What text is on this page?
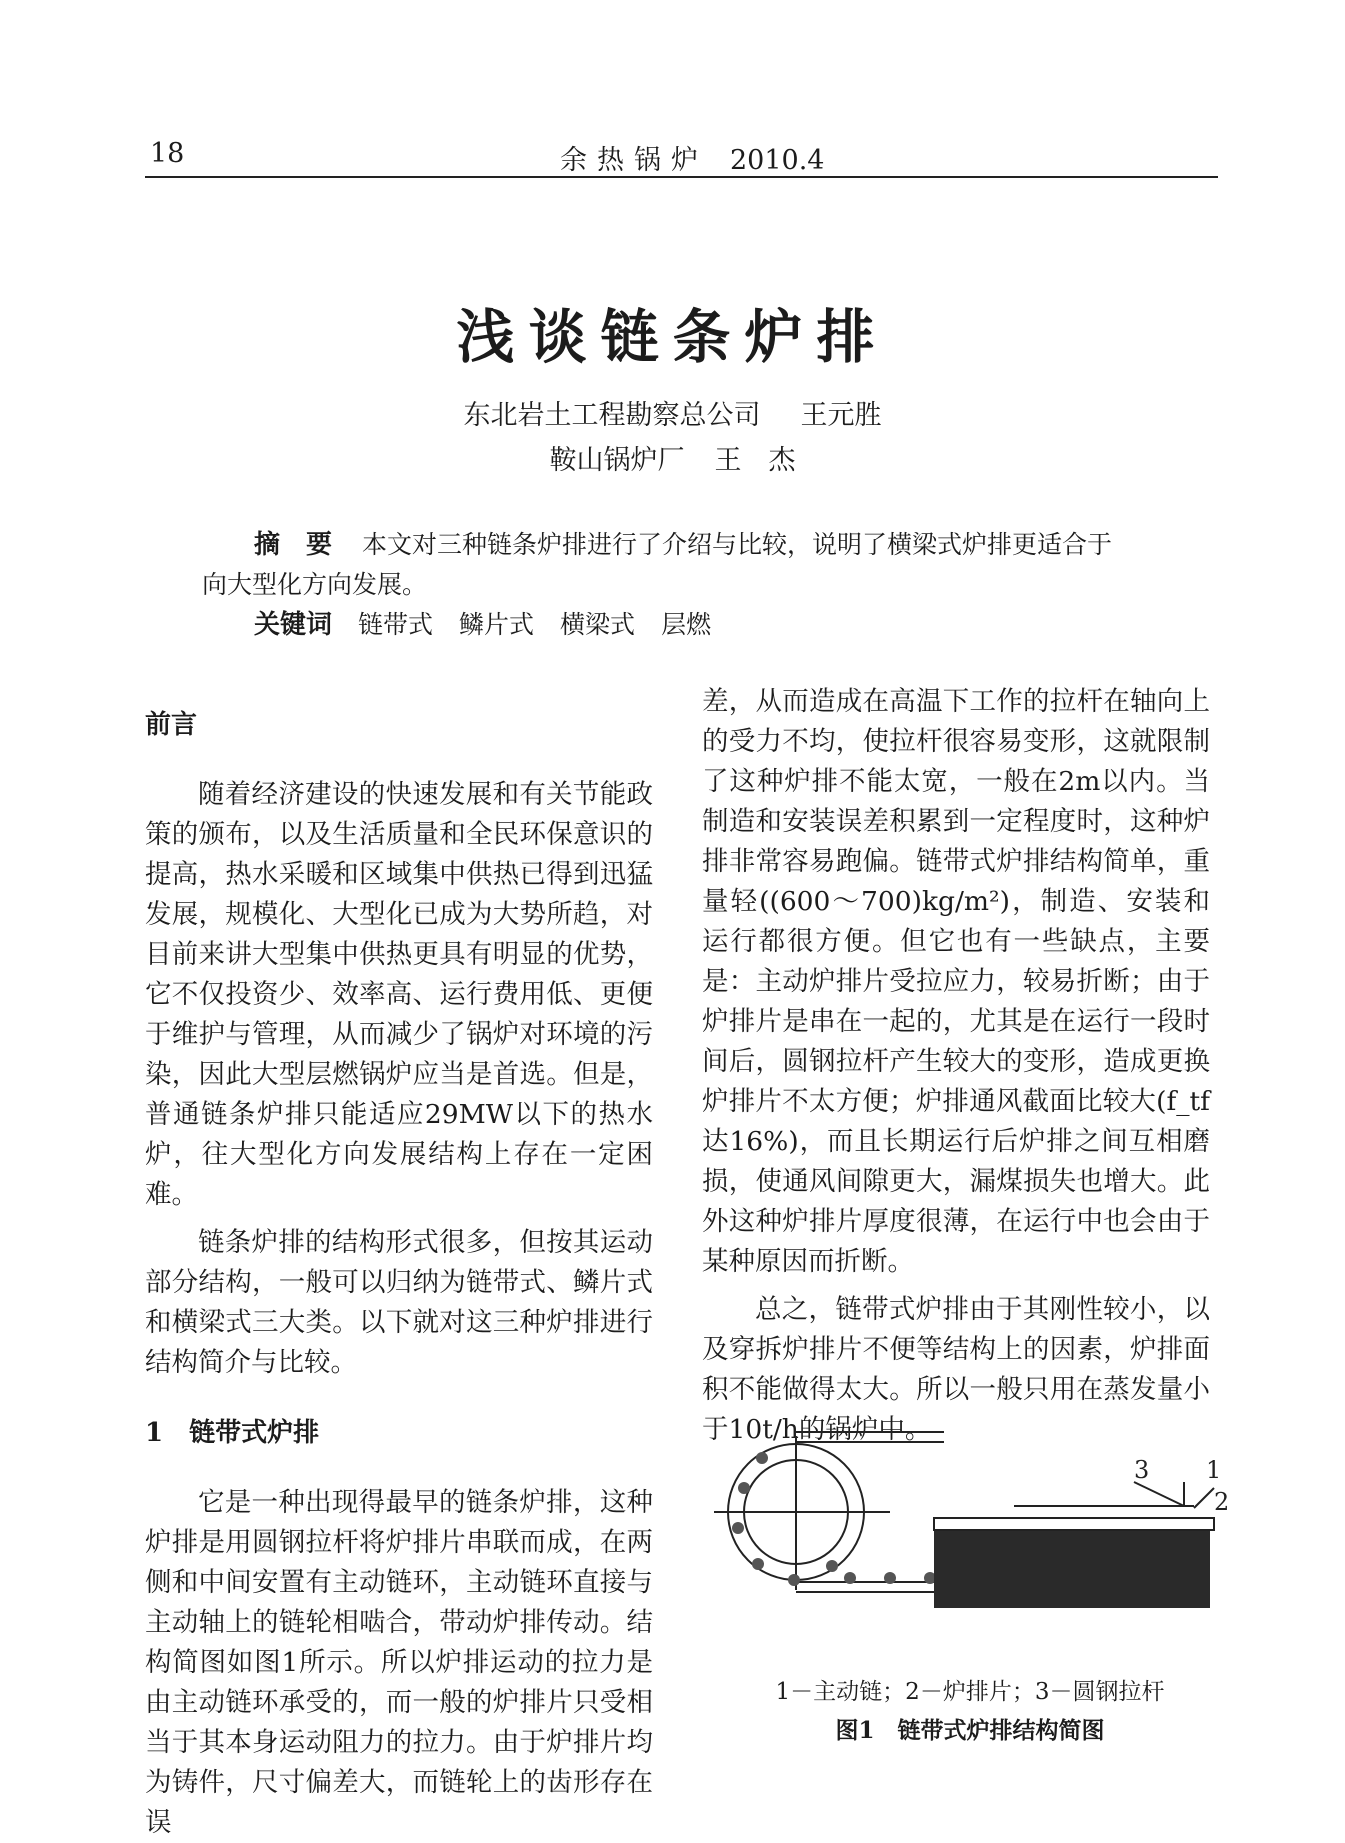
18	余热锅炉 2010.4
浅谈链条炉排
东北岩土工程勘察总公司 王元胜
鞍山锅炉厂 王　杰
摘　要 本文对三种链条炉排进行了介绍与比较，说明了横梁式炉排更适合于
向大型化方向发展。
关键词 链带式 鳞片式 横梁式 层燃
前言

随着经济建设的快速发展和有关节能政策的颁布，以及生活质量和全民环保意识的提高，热水采暖和区域集中供热已得到迅猛发展，规模化、大型化已成为大势所趋，对目前来讲大型集中供热更具有明显的优势，它不仅投资少、效率高、运行费用低、更便于维护与管理，从而减少了锅炉对环境的污染，因此大型层燃锅炉应当是首选。但是，普通链条炉排只能适应29MW以下的热水炉，往大型化方向发展结构上存在一定困难。

链条炉排的结构形式很多，但按其运动部分结构，一般可以归纳为链带式、鳞片式和横梁式三大类。以下就对这三种炉排进行结构简介与比较。

1　链带式炉排

它是一种出现得最早的链条炉排，这种炉排是用圆钢拉杆将炉排片串联而成，在两侧和中间安置有主动链环，主动链环直接与主动轴上的链轮相啮合，带动炉排传动。结构简图如图1所示。所以炉排运动的拉力是由主动链环承受的，而一般的炉排片只受相当于其本身运动阻力的拉力。由于炉排片均为铸件，尺寸偏差大，而链轮上的齿形存在误

差，从而造成在高温下工作的拉杆在轴向上的受力不均，使拉杆很容易变形，这就限制了这种炉排不能太宽，一般在2m以内。当制造和安装误差积累到一定程度时，这种炉排非常容易跑偏。链带式炉排结构简单，重量轻((600～700)kg/m²)，制造、安装和运行都很方便。但它也有一些缺点，主要是：主动炉排片受拉应力，较易折断；由于炉排片是串在一起的，尤其是在运行一段时间后，圆钢拉杆产生较大的变形，造成更换炉排片不太方便；炉排通风截面比较大(f_tf达16%)，而且长期运行后炉排之间互相磨损，使通风间隙更大，漏煤损失也增大。此外这种炉排片厚度很薄，在运行中也会由于某种原因而折断。

总之，链带式炉排由于其刚性较小，以及穿拆炉排片不便等结构上的因素，炉排面积不能做得太大。所以一般只用在蒸发量小于10t/h的锅炉中。

3 1
2
1－主动链；2－炉排片；3－圆钢拉杆
图1　链带式炉排结构简图
